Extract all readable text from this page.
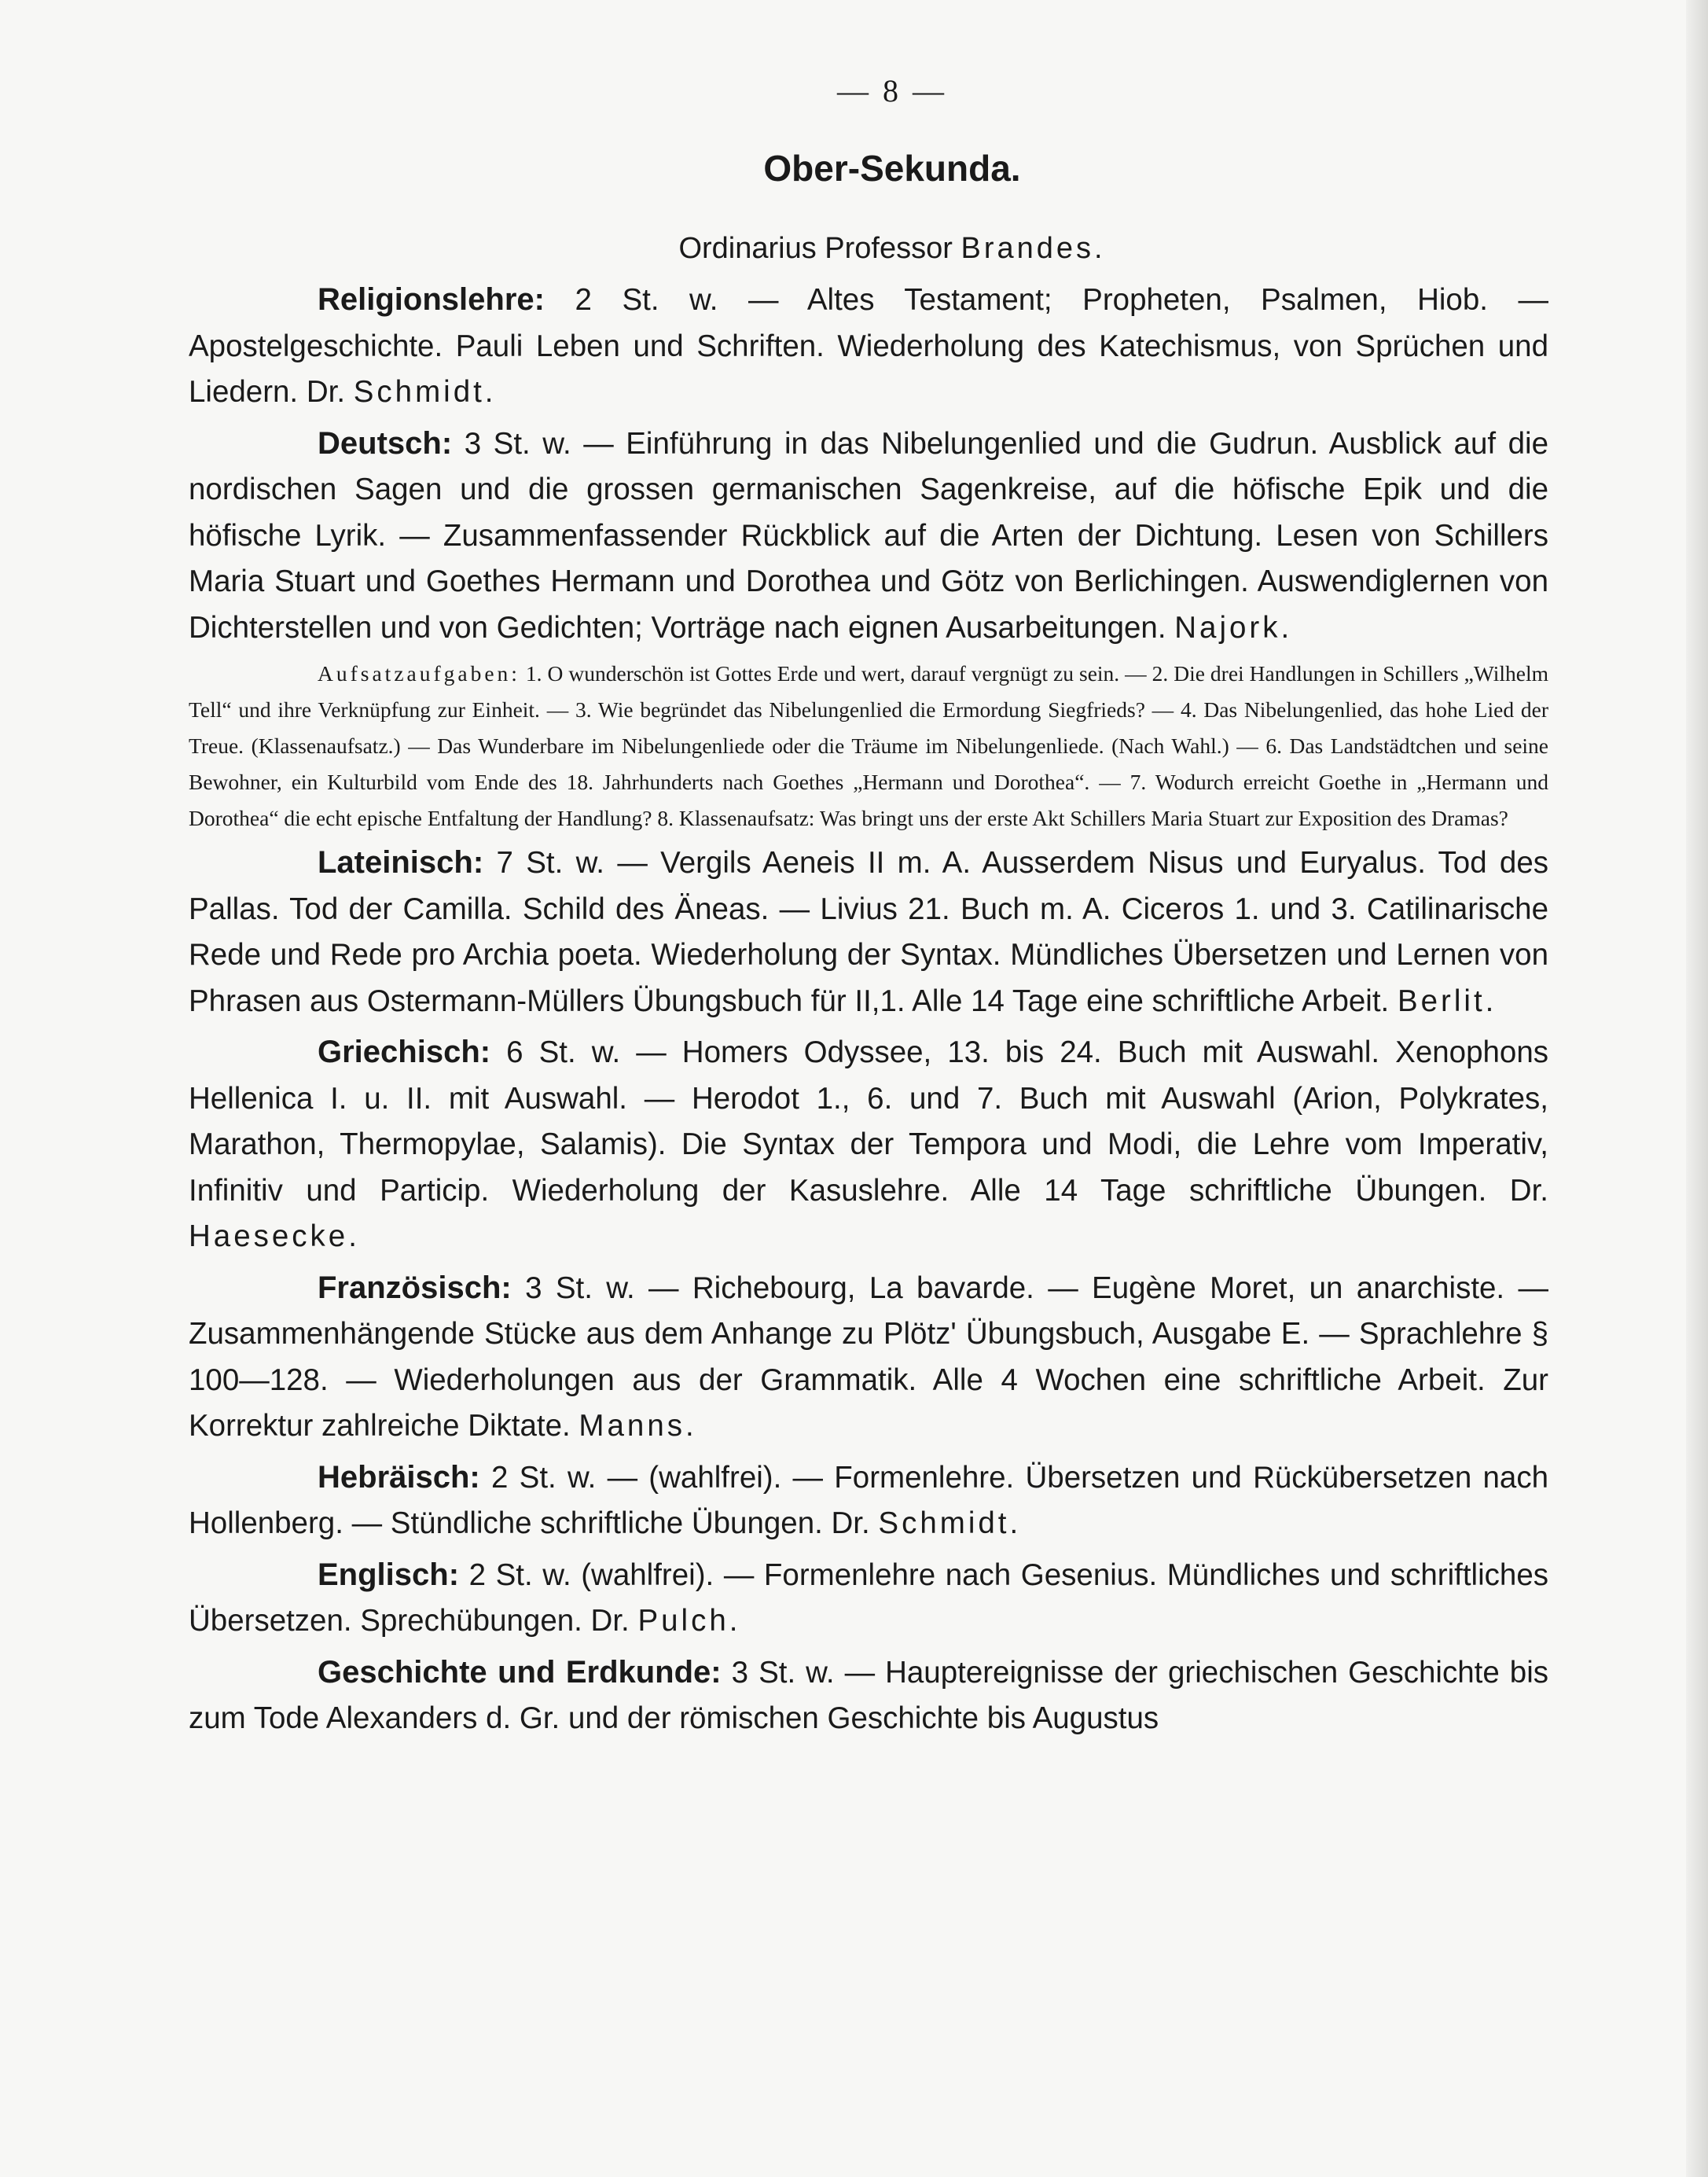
— 8 —
Ober-Sekunda.
Ordinarius Professor Brandes.

Religionslehre: 2 St. w. — Altes Testament; Propheten, Psalmen, Hiob. — Apostelgeschichte. Pauli Leben und Schriften. Wiederholung des Katechismus, von Sprüchen und Liedern. Dr. Schmidt.

Deutsch: 3 St. w. — Einführung in das Nibelungenlied und die Gudrun. Ausblick auf die nordischen Sagen und die grossen germanischen Sagenkreise, auf die höfische Epik und die höfische Lyrik. — Zusammenfassender Rückblick auf die Arten der Dichtung. Lesen von Schillers Maria Stuart und Goethes Hermann und Dorothea und Götz von Berlichingen. Auswendiglernen von Dichterstellen und von Gedichten; Vorträge nach eignen Ausarbeitungen. Najork.

Aufsatzaufgaben: 1. O wunderschön ist Gottes Erde und wert, darauf vergnügt zu sein. — 2. Die drei Handlungen in Schillers „Wilhelm Tell“ und ihre Verknüpfung zur Einheit. — 3. Wie begründet das Nibelungenlied die Ermordung Siegfrieds? — 4. Das Nibelungenlied, das hohe Lied der Treue. (Klassenaufsatz.) — Das Wunderbare im Nibelungenliede oder die Träume im Nibelungenliede. (Nach Wahl.) — 6. Das Landstädtchen und seine Bewohner, ein Kulturbild vom Ende des 18. Jahrhunderts nach Goethes „Hermann und Dorothea“. — 7. Wodurch erreicht Goethe in „Hermann und Dorothea“ die echt epische Entfaltung der Handlung? 8. Klassenaufsatz: Was bringt uns der erste Akt Schillers Maria Stuart zur Exposition des Dramas?

Lateinisch: 7 St. w. — Vergils Aeneis II m. A. Ausserdem Nisus und Euryalus. Tod des Pallas. Tod der Camilla. Schild des Äneas. — Livius 21. Buch m. A. Ciceros 1. und 3. Catilinarische Rede und Rede pro Archia poeta. Wiederholung der Syntax. Mündliches Übersetzen und Lernen von Phrasen aus Ostermann-Müllers Übungsbuch für II,1. Alle 14 Tage eine schriftliche Arbeit. Berlit.

Griechisch: 6 St. w. — Homers Odyssee, 13. bis 24. Buch mit Auswahl. Xenophons Hellenica I. u. II. mit Auswahl. — Herodot 1., 6. und 7. Buch mit Auswahl (Arion, Polykrates, Marathon, Thermopylae, Salamis). Die Syntax der Tempora und Modi, die Lehre vom Imperativ, Infinitiv und Particip. Wiederholung der Kasuslehre. Alle 14 Tage schriftliche Übungen. Dr. Haesecke.

Französisch: 3 St. w. — Richebourg, La bavarde. — Eugène Moret, un anarchiste. — Zusammenhängende Stücke aus dem Anhange zu Plötz' Übungsbuch, Ausgabe E. — Sprachlehre § 100—128. — Wiederholungen aus der Grammatik. Alle 4 Wochen eine schriftliche Arbeit. Zur Korrektur zahlreiche Diktate. Manns.

Hebräisch: 2 St. w. — (wahlfrei). — Formenlehre. Übersetzen und Rückübersetzen nach Hollenberg. — Stündliche schriftliche Übungen. Dr. Schmidt.

Englisch: 2 St. w. (wahlfrei). — Formenlehre nach Gesenius. Mündliches und schriftliches Übersetzen. Sprechübungen. Dr. Pulch.

Geschichte und Erdkunde: 3 St. w. — Hauptereignisse der griechischen Geschichte bis zum Tode Alexanders d. Gr. und der römischen Geschichte bis Augustus
